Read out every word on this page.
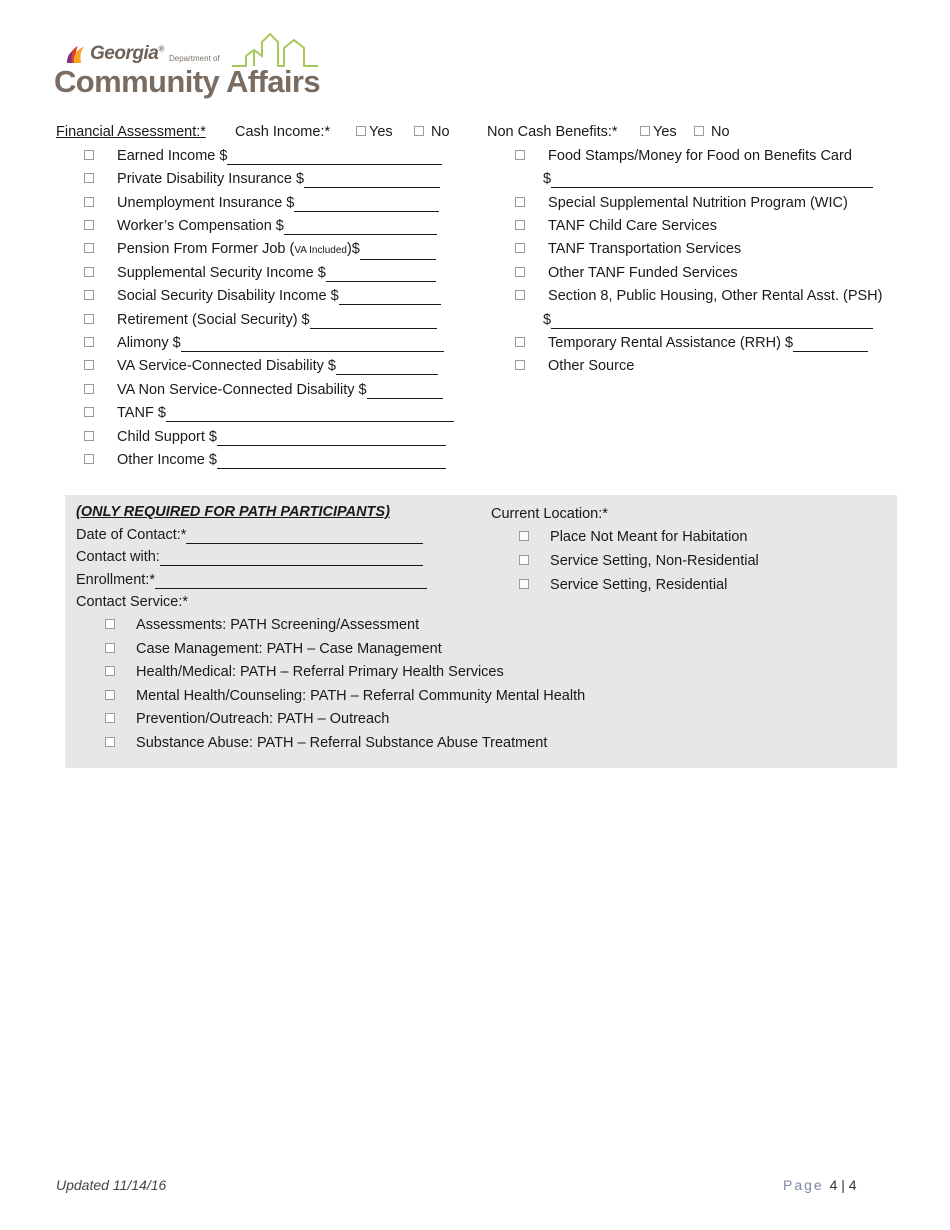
Georgia®
Department of
Community Affairs
Financial Assessment:* Cash Income:*	Yes	No	Non Cash Benefits:*	Yes	No
Earned Income $
Private Disability Insurance $
Unemployment Insurance $
Worker’s Compensation $
Pension From Former Job (VA Included)$
Supplemental Security Income $
Social Security Disability Income $
Retirement (Social Security) $
Alimony $
VA Service-Connected Disability $
VA Non Service-Connected Disability $
TANF $
Child Support $
Other Income $
Food Stamps/Money for Food on Benefits Card
$
Special Supplemental Nutrition Program (WIC)
TANF Child Care Services
TANF Transportation Services
Other TANF Funded Services
Section 8, Public Housing, Other Rental Asst. (PSH)
$
Temporary Rental Assistance (RRH) $
Other Source
(ONLY REQUIRED FOR PATH PARTICIPANTS)
Date of Contact:*
Contact with:
Enrollment:*
Contact Service:*
Assessments: PATH Screening/Assessment
Case Management: PATH – Case Management
Health/Medical: PATH – Referral Primary Health Services
Mental Health/Counseling: PATH – Referral Community Mental Health
Prevention/Outreach: PATH – Outreach
Substance Abuse: PATH – Referral Substance Abuse Treatment
Current Location:*
Place Not Meant for Habitation
Service Setting, Non-Residential
Service Setting, Residential
Updated 11/14/16	Page 4 | 4
